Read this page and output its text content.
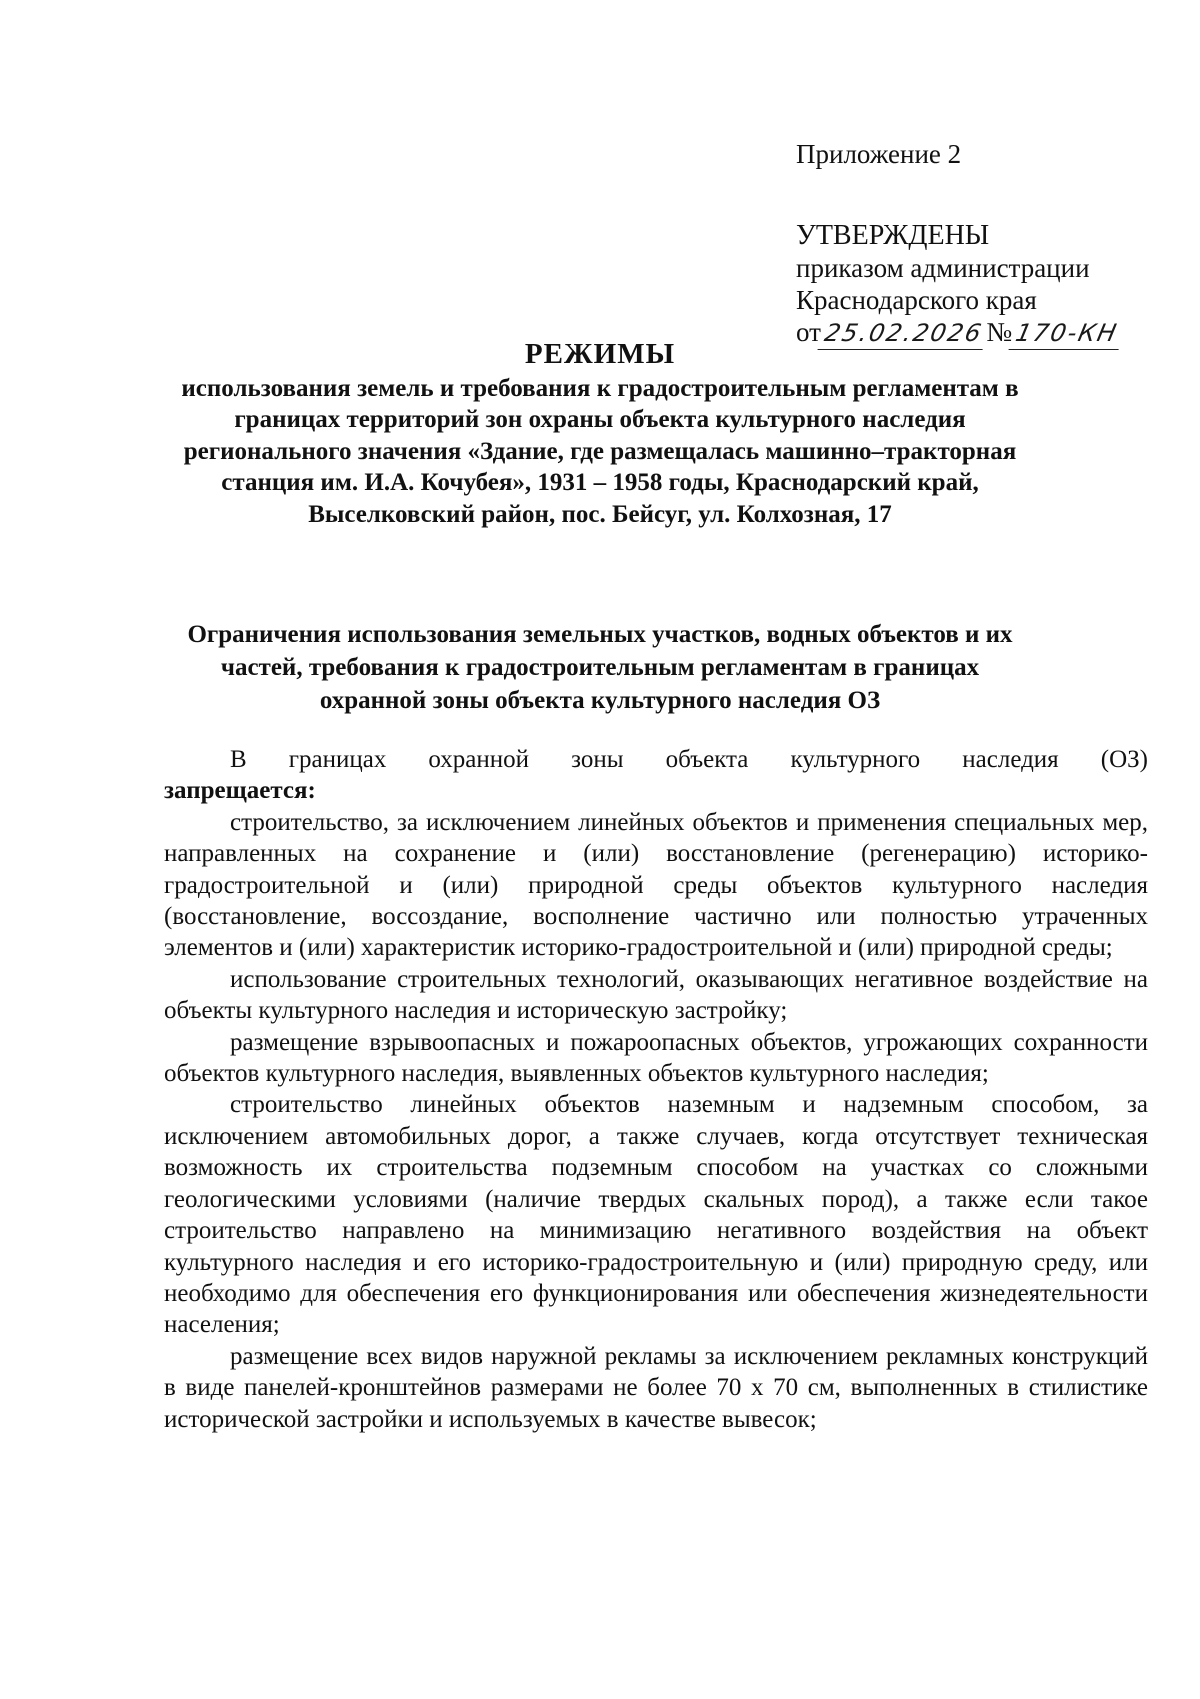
Приложение 2

УТВЕРЖДЕНЫ

приказом администрации

Краснодарского края

от25.02.2026№170-КН

РЕЖИМЫ

использования земель и требования к градостроительным регламентам в границах территорий зон охраны объекта культурного наследия регионального значения «Здание, где размещалась машинно–тракторная станция им. И.А. Кочубея», 1931 – 1958 годы, Краснодарский край, Выселковский район, пос. Бейсуг, ул. Колхозная, 17

Ограничения использования земельных участков, водных объектов и их частей, требования к градостроительным регламентам в границах охранной зоны объекта культурного наследия ОЗ

В границах охранной зоны объекта культурного наследия (ОЗ)

запрещается:

строительство, за исключением линейных объектов и применения специальных мер, направленных на сохранение и (или) восстановление (регенерацию) историко-градостроительной и (или) природной среды объектов культурного наследия (восстановление, воссоздание, восполнение частично или полностью утраченных элементов и (или) характеристик историко-градостроительной и (или) природной среды;

использование строительных технологий, оказывающих негативное воздействие на объекты культурного наследия и историческую застройку;

размещение взрывоопасных и пожароопасных объектов, угрожающих сохранности объектов культурного наследия, выявленных объектов культурного наследия;

строительство линейных объектов наземным и надземным способом, за исключением автомобильных дорог, а также случаев, когда отсутствует техническая возможность их строительства подземным способом на участках со сложными геологическими условиями (наличие твердых скальных пород), а также если такое строительство направлено на минимизацию негативного воздействия на объект культурного наследия и его историко-градостроительную и (или) природную среду, или необходимо для обеспечения его функционирования или обеспечения жизнедеятельности населения;

размещение всех видов наружной рекламы за исключением рекламных конструкций в виде панелей-кронштейнов размерами не более 70 х 70 см, выполненных в стилистике исторической застройки и используемых в качестве вывесок;
